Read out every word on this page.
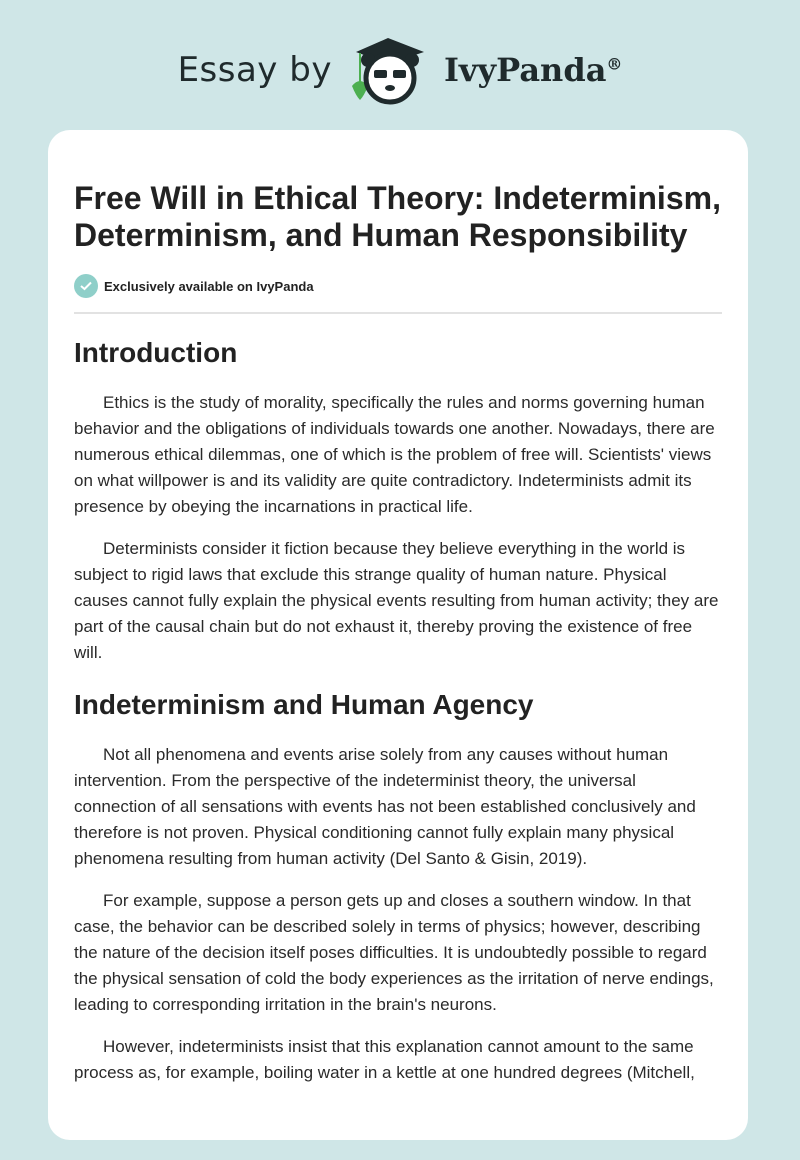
Essay by	IvyPanda®
Free Will in Ethical Theory: Indeterminism, Determinism, and Human Responsibility
Exclusively available on IvyPanda
Introduction

Ethics is the study of morality, specifically the rules and norms governing human behavior and the obligations of individuals towards one another. Nowadays, there are numerous ethical dilemmas, one of which is the problem of free will. Scientists' views on what willpower is and its validity are quite contradictory. Indeterminists admit its presence by obeying the incarnations in practical life.

Determinists consider it fiction because they believe everything in the world is subject to rigid laws that exclude this strange quality of human nature. Physical causes cannot fully explain the physical events resulting from human activity; they are part of the causal chain but do not exhaust it, thereby proving the existence of free will.

Indeterminism and Human Agency

Not all phenomena and events arise solely from any causes without human intervention. From the perspective of the indeterminist theory, the universal connection of all sensations with events has not been established conclusively and therefore is not proven. Physical conditioning cannot fully explain many physical phenomena resulting from human activity (Del Santo & Gisin, 2019).

For example, suppose a person gets up and closes a southern window. In that case, the behavior can be described solely in terms of physics; however, describing the nature of the decision itself poses difficulties. It is undoubtedly possible to regard the physical sensation of cold the body experiences as the irritation of nerve endings, leading to corresponding irritation in the brain's neurons.

However, indeterminists insist that this explanation cannot amount to the same process as, for example, boiling water in a kettle at one hundred degrees (Mitchell,
